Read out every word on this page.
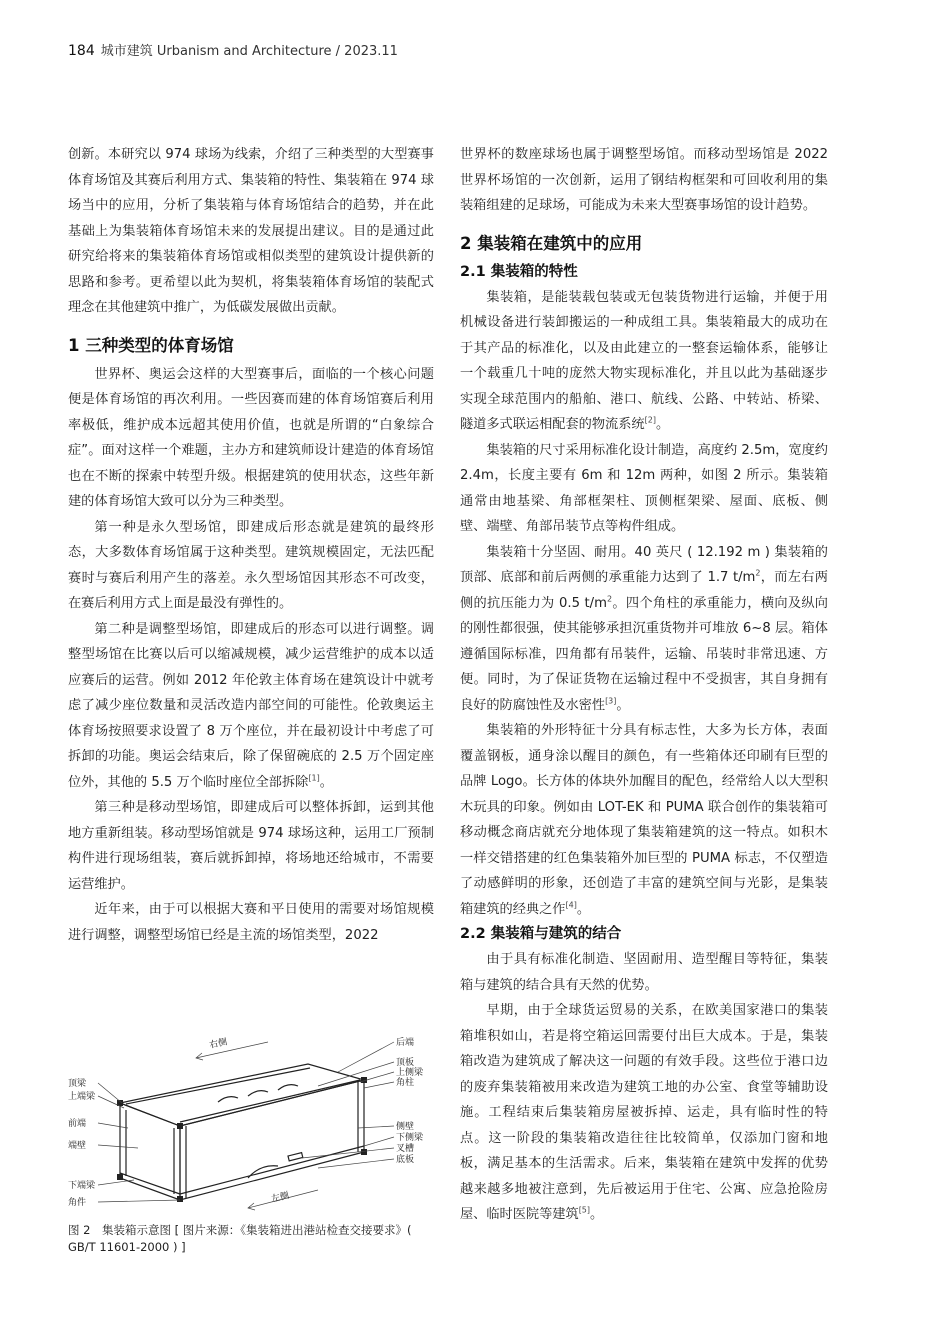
184 城市建筑 Urbanism and Architecture / 2023.11

创新。本研究以 974 球场为线索，介绍了三种类型的大型赛事体育场馆及其赛后利用方式、集装箱的特性、集装箱在 974 球场当中的应用，分析了集装箱与体育场馆结合的趋势，并在此基础上为集装箱体育场馆未来的发展提出建议。目的是通过此研究给将来的集装箱体育场馆或相似类型的建筑设计提供新的思路和参考。更希望以此为契机，将集装箱体育场馆的装配式理念在其他建筑中推广，为低碳发展做出贡献。

1 三种类型的体育场馆

世界杯、奥运会这样的大型赛事后，面临的一个核心问题便是体育场馆的再次利用。一些因赛而建的体育场馆赛后利用率极低，维护成本远超其使用价值，也就是所谓的“白象综合症”。面对这样一个难题，主办方和建筑师设计建造的体育场馆也在不断的探索中转型升级。根据建筑的使用状态，这些年新建的体育场馆大致可以分为三种类型。

第一种是永久型场馆，即建成后形态就是建筑的最终形态，大多数体育场馆属于这种类型。建筑规模固定，无法匹配赛时与赛后利用产生的落差。永久型场馆因其形态不可改变，在赛后利用方式上面是最没有弹性的。

第二种是调整型场馆，即建成后的形态可以进行调整。调整型场馆在比赛以后可以缩减规模，减少运营维护的成本以适应赛后的运营。例如 2012 年伦敦主体育场在建筑设计中就考虑了减少座位数量和灵活改造内部空间的可能性。伦敦奥运主体育场按照要求设置了 8 万个座位，并在最初设计中考虑了可拆卸的功能。奥运会结束后，除了保留碗底的 2.5 万个固定座位外，其他的 5.5 万个临时座位全部拆除[1]。

第三种是移动型场馆，即建成后可以整体拆卸，运到其他地方重新组装。移动型场馆就是 974 球场这种，运用工厂预制构件进行现场组装，赛后就拆卸掉，将场地还给城市，不需要运营维护。

近年来，由于可以根据大赛和平日使用的需要对场馆规模进行调整，调整型场馆已经是主流的场馆类型，2022

右侧
左侧
后端
顶板
上侧梁
角柱
顶梁
上端梁
前端
端壁
侧壁
下侧梁
叉槽
底板
下端梁
角件
图 2　集装箱示意图 [ 图片来源：《集装箱进出港站检查交接要求》( GB/T 11601-2000 ) ]

世界杯的数座球场也属于调整型场馆。而移动型场馆是 2022 世界杯场馆的一次创新，运用了钢结构框架和可回收利用的集装箱组建的足球场，可能成为未来大型赛事场馆的设计趋势。

2 集装箱在建筑中的应用
2.1 集装箱的特性

集装箱，是能装载包装或无包装货物进行运输，并便于用机械设备进行装卸搬运的一种成组工具。集装箱最大的成功在于其产品的标准化，以及由此建立的一整套运输体系，能够让一个载重几十吨的庞然大物实现标准化，并且以此为基础逐步实现全球范围内的船舶、港口、航线、公路、中转站、桥梁、隧道多式联运相配套的物流系统[2]。

集装箱的尺寸采用标准化设计制造，高度约 2.5m，宽度约 2.4m，长度主要有 6m 和 12m 两种，如图 2 所示。集装箱通常由地基梁、角部框架柱、顶侧框架梁、屋面、底板、侧壁、端壁、角部吊装节点等构件组成。

集装箱十分坚固、耐用。40 英尺 ( 12.192 m ) 集装箱的顶部、底部和前后两侧的承重能力达到了 1.7 $t/m^2$，而左右两侧的抗压能力为 0.5 $t/m^2$。四个角柱的承重能力，横向及纵向的刚性都很强，使其能够承担沉重货物并可堆放 6~8 层。箱体遵循国际标准，四角都有吊装件，运输、吊装时非常迅速、方便。同时，为了保证货物在运输过程中不受损害，其自身拥有良好的防腐蚀性及水密性[3]。

集装箱的外形特征十分具有标志性，大多为长方体，表面覆盖钢板，通身涂以醒目的颜色，有一些箱体还印刷有巨型的品牌 Logo。长方体的体块外加醒目的配色，经常给人以大型积木玩具的印象。例如由 LOT-EK 和 PUMA 联合创作的集装箱可移动概念商店就充分地体现了集装箱建筑的这一特点。如积木一样交错搭建的红色集装箱外加巨型的 PUMA 标志，不仅塑造了动感鲜明的形象，还创造了丰富的建筑空间与光影，是集装箱建筑的经典之作[4]。

2.2 集装箱与建筑的结合

由于具有标准化制造、坚固耐用、造型醒目等特征，集装箱与建筑的结合具有天然的优势。

早期，由于全球货运贸易的关系，在欧美国家港口的集装箱堆积如山，若是将空箱运回需要付出巨大成本。于是，集装箱改造为建筑成了解决这一问题的有效手段。这些位于港口边的废弃集装箱被用来改造为建筑工地的办公室、食堂等辅助设施。工程结束后集装箱房屋被拆掉、运走，具有临时性的特点。这一阶段的集装箱改造往往比较简单，仅添加门窗和地板，满足基本的生活需求。后来，集装箱在建筑中发挥的优势越来越多地被注意到，先后被运用于住宅、公寓、应急抢险房屋、临时医院等建筑[5]。
